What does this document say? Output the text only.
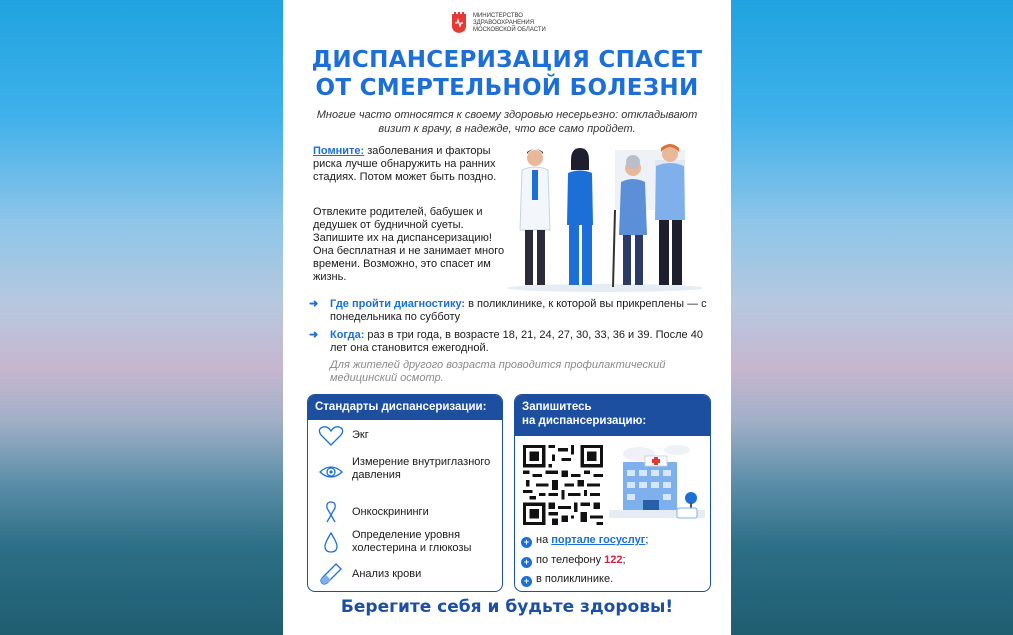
МИНИСТЕРСТВО
ЗДРАВООХРАНЕНИЯ
МОСКОВСКОЙ ОБЛАСТИ
ДИСПАНСЕРИЗАЦИЯ СПАСЕТ
ОТ СМЕРТЕЛЬНОЙ БОЛЕЗНИ
Многие часто относятся к своему здоровью несерьезно: откладывают визит к врачу, в надежде, что все само пройдет.
Помните: заболевания и факторы риска лучше обнаружить на ранних стадиях. Потом может быть поздно.
Отвлеките родителей, бабушек и дедушек от будничной суеты. Запишите их на диспансеризацию! Она бесплатная и не занимает много времени. Возможно, это спасет им жизнь.
➜ Где пройти диагностику: в поликлинике, к которой вы прикреплены — с понедельника по субботу
➜ Когда: раз в три года, в возрасте 18, 21, 24, 27, 30, 33, 36 и 39. После 40 лет она становится ежегодной.
Для жителей другого возраста проводится профилактический медицинский осмотр.
Стандарты диспансеризации:
Экг
Измерение внутриглазного давления
Онкоскрининги
Определение уровня холестерина и глюкозы
Анализ крови
Запишитесь
на диспансеризацию:
+ на портале госуслуг;
+ по телефону 122;
+ в поликлинике.
Берегите себя и будьте здоровы!
